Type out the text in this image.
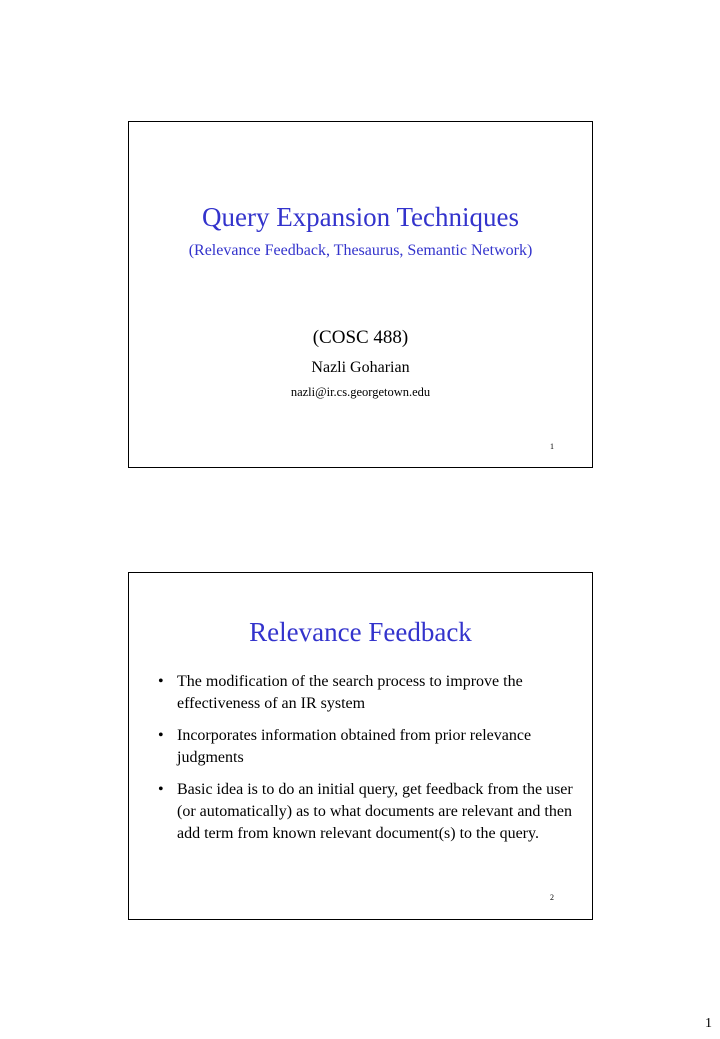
Query Expansion Techniques
(Relevance Feedback, Thesaurus, Semantic Network)
(COSC 488)
Nazli Goharian
nazli@ir.cs.georgetown.edu
1
Relevance Feedback
• The modification of the search process to improve the effectiveness of an IR system
• Incorporates information obtained from prior relevance judgments
• Basic idea is to do an initial query, get feedback from the user (or automatically) as to what documents are relevant and then add term from known relevant document(s) to the query.
2
1
